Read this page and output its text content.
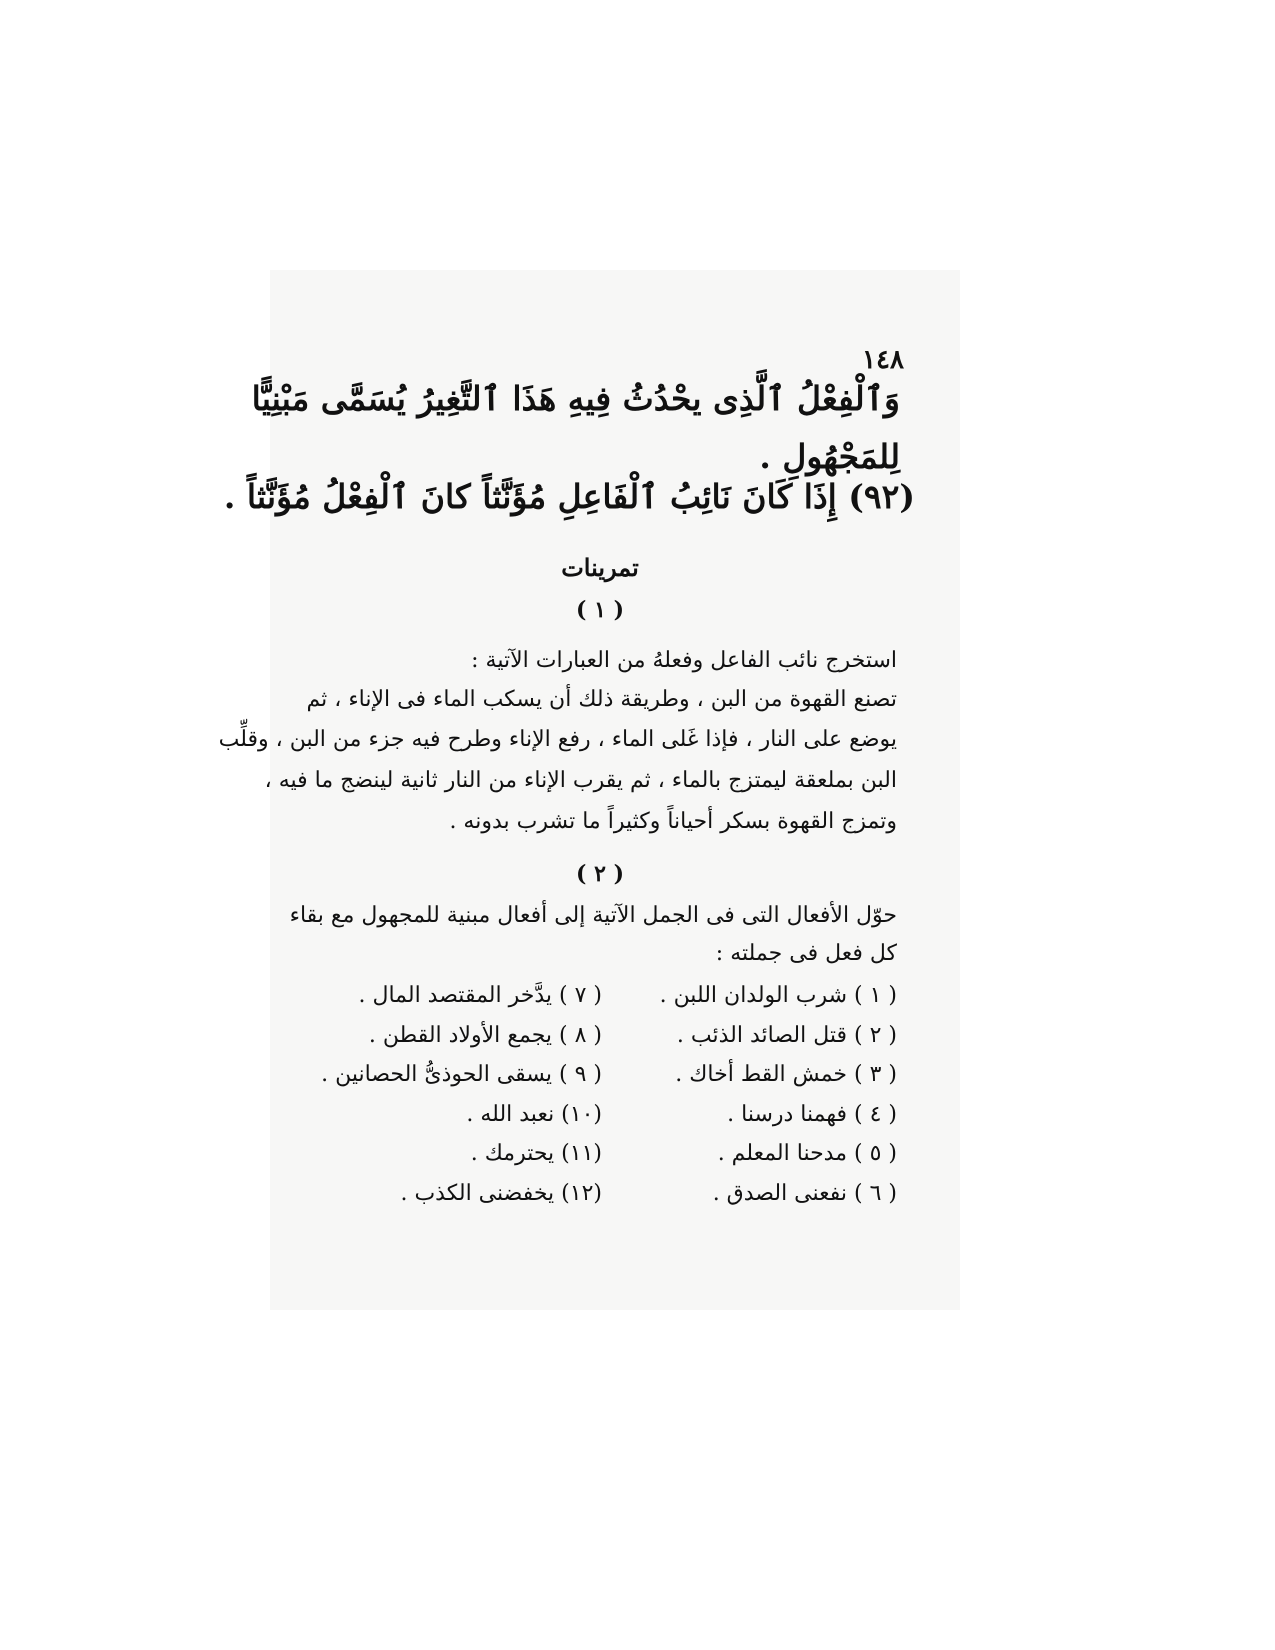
١٤٨
وَٱلْفِعْلُ ٱلَّذِى يحْدُثُ فِيهِ هَذَا ٱلتَّغِيرُ يُسَمَّى مَبْنِيًّا
لِلمَجْهُولِ .
(٩٢) إِذَا كَانَ نَائِبُ ٱلْفَاعِلِ مُؤَنَّثاً كانَ ٱلْفِعْلُ مُؤَنَّثاً .
تمرينات
( ١ )
استخرج نائب الفاعل وفعلهُ من العبارات الآتية :
تصنع القهوة من البن ، وطريقة ذلك أن يسكب الماء فى الإناء ، ثم
يوضع على النار ، فإذا غَلى الماء ، رفع الإناء وطرح فيه جزء من البن ، وقلِّب
البن بملعقة ليمتزج بالماء ، ثم يقرب الإناء من النار ثانية لينضج ما فيه ،
وتمزج القهوة بسكر أحياناً وكثيراً ما تشرب بدونه .
( ٢ )
حوّل الأفعال التى فى الجمل الآتية إلى أفعال مبنية للمجهول مع بقاء
كل فعل فى جملته :
( ١ ) شرب الولدان اللبن .
( ٢ ) قتل الصائد الذئب .
( ٣ ) خمش القط أخاك .
( ٤ ) فهمنا درسنا .
( ٥ ) مدحنا المعلم .
( ٦ ) نفعنى الصدق .
( ٧ ) يدَّخر المقتصد المال .
( ٨ ) يجمع الأولاد القطن .
( ٩ ) يسقى الحوذىُّ الحصانين .
(١٠) نعبد الله .
(١١) يحترمك .
(١٢) يخفضنى الكذب .
